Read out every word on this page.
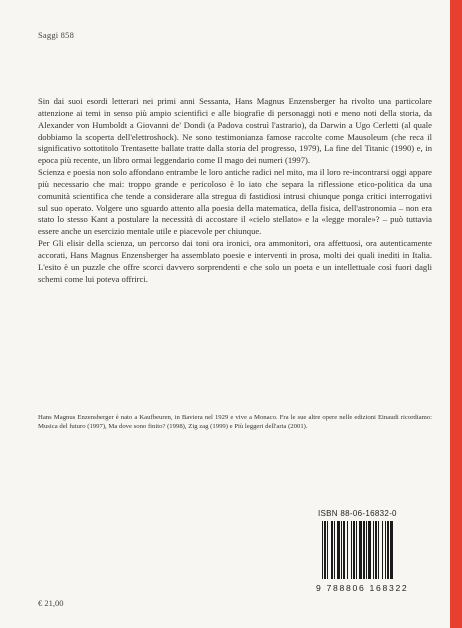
Saggi 858

Sin dai suoi esordi letterari nei primi anni Sessanta, Hans Magnus Enzensberger ha rivolto una particolare attenzione ai temi in senso più ampio scientifici e alle biografie di personaggi noti e meno noti della storia, da Alexander von Humboldt a Giovanni de' Dondi (a Padova costruì l'astrario), da Darwin a Ugo Cerletti (al quale dobbiamo la scoperta dell'elettroshock). Ne sono testimonianza famose raccolte come Mausoleum (che reca il significativo sottotitolo Trentasette ballate tratte dalla storia del progresso, 1979), La fine del Titanic (1990) e, in epoca più recente, un libro ormai leggendario come Il mago dei numeri (1997).

Scienza e poesia non solo affondano entrambe le loro antiche radici nel mito, ma il loro re-incontrarsi oggi appare più necessario che mai: troppo grande e pericoloso è lo iato che separa la riflessione etico-politica da una comunità scientifica che tende a considerare alla stregua di fastidiosi intrusi chiunque ponga critici interrogativi sul suo operato. Volgere uno sguardo attento alla poesia della matematica, della fisica, dell'astronomia – non era stato lo stesso Kant a postulare la necessità di accostare il «cielo stellato» e la «legge morale»? – può tuttavia essere anche un esercizio mentale utile e piacevole per chiunque.

Per Gli elisir della scienza, un percorso dai toni ora ironici, ora ammonitori, ora affettuosi, ora autenticamente accorati, Hans Magnus Enzensberger ha assemblato poesie e interventi in prosa, molti dei quali inediti in Italia. L'esito è un puzzle che offre scorci davvero sorprendenti e che solo un poeta e un intellettuale così fuori dagli schemi come lui poteva offrirci.

Hans Magnus Enzensberger è nato a Kaufbeuren, in Baviera nel 1929 e vive a Monaco. Fra le sue altre opere nelle edizioni Einaudi ricordiamo: Musica del futuro (1997), Ma dove sono finito? (1998), Zig zag (1999) e Più leggeri dell'aria (2001).
ISBN 88-06-16832-0
9 788806 168322
€ 21,00
